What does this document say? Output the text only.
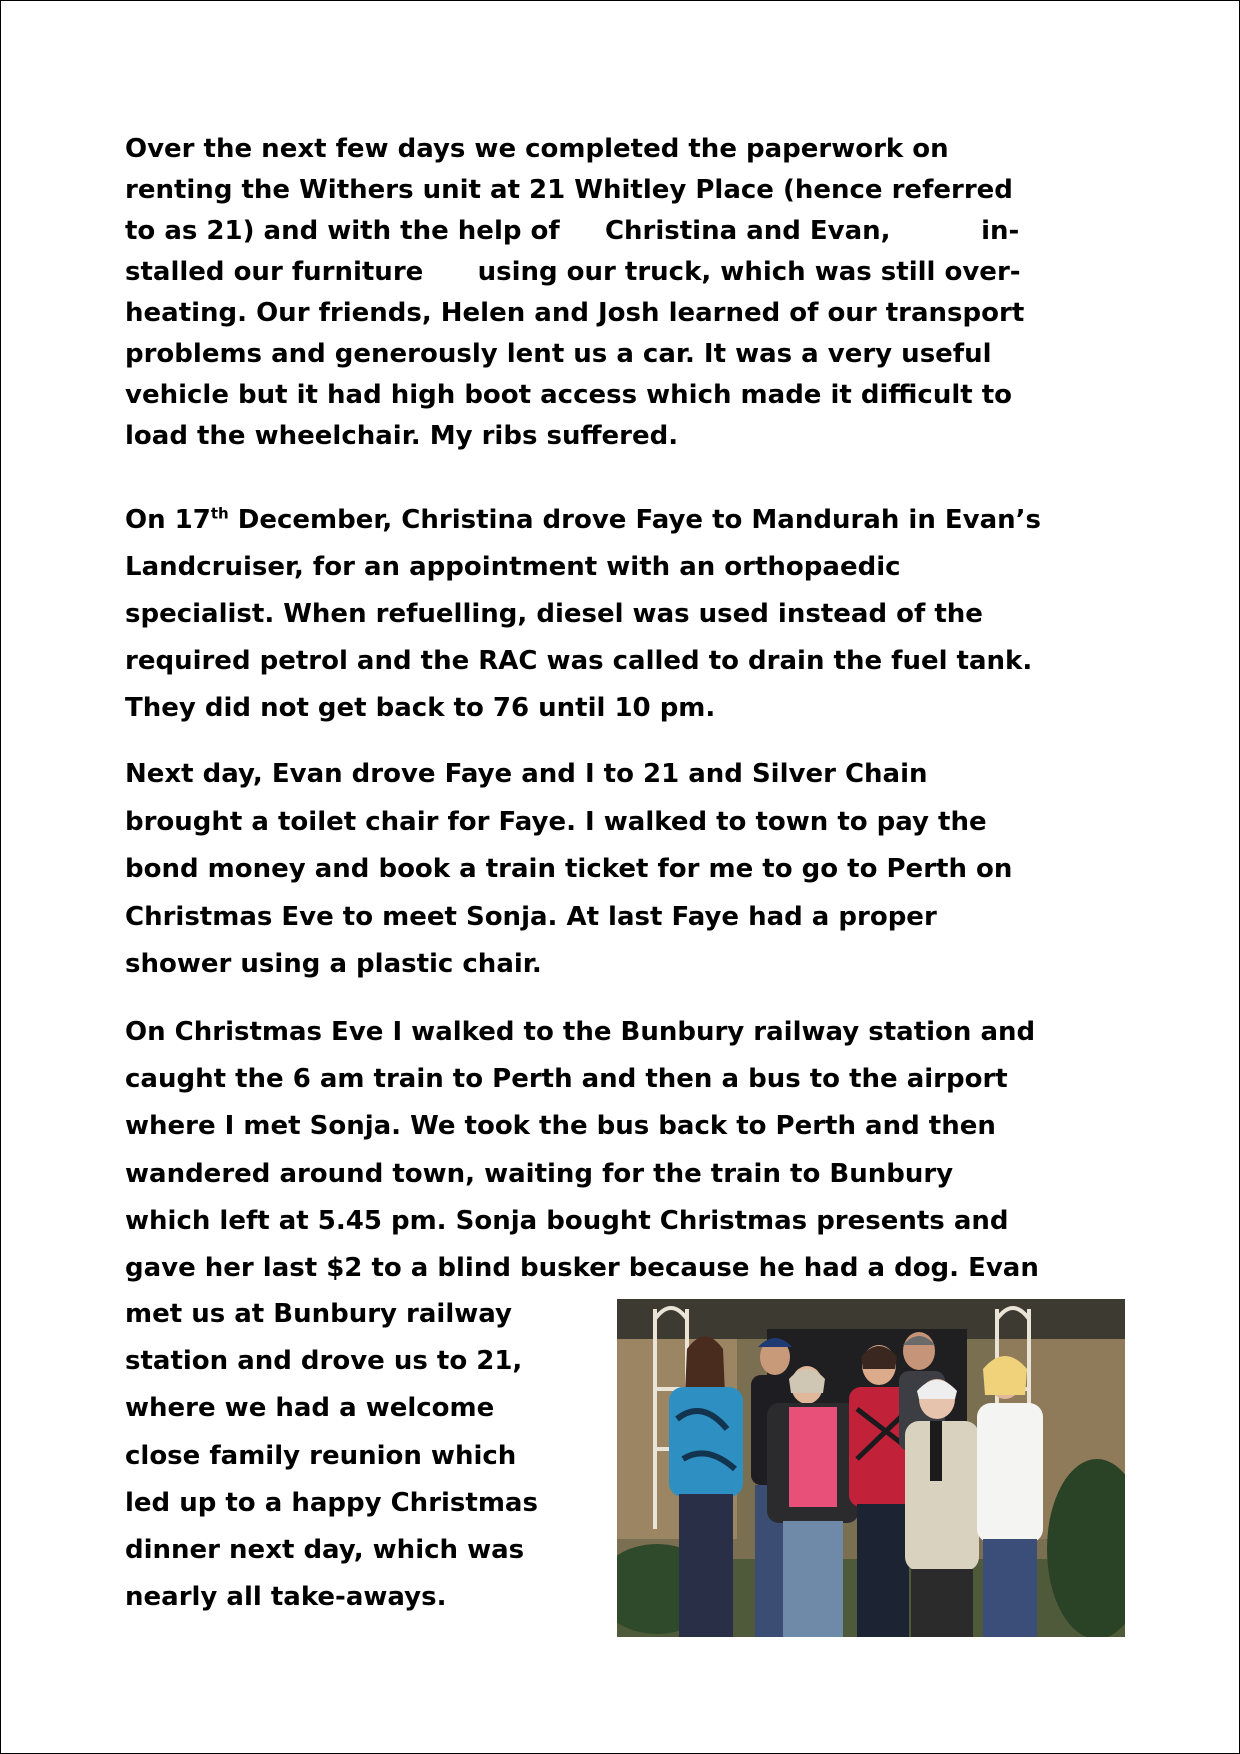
Over the next few days we completed the paperwork on
renting the Withers unit at 21 Whitley Place (hence referred
to as 21) and with the help of     Christina and Evan,          in-
stalled our furniture      using our truck, which was still over-
heating. Our friends, Helen and Josh learned of our transport
problems and generously lent us a car. It was a very useful
vehicle but it had high boot access which made it difficult to
load the wheelchair. My ribs suffered.

On 17th December, Christina drove Faye to Mandurah in Evan’s
Landcruiser, for an appointment with an orthopaedic
specialist. When refuelling, diesel was used instead of the
required petrol and the RAC was called to drain the fuel tank.
They did not get back to 76 until 10 pm.

Next day, Evan drove Faye and I to 21 and Silver Chain
brought a toilet chair for Faye. I walked to town to pay the
bond money and book a train ticket for me to go to Perth on
Christmas Eve to meet Sonja. At last Faye had a proper
shower using a plastic chair.

On Christmas Eve I walked to the Bunbury railway station and
caught the 6 am train to Perth and then a bus to the airport
where I met Sonja. We took the bus back to Perth and then
wandered around town, waiting for the train to Bunbury
which left at 5.45 pm. Sonja bought Christmas presents and
gave her last $2 to a blind busker because he had a dog. Evan

met us at Bunbury railway
station and drove us to 21,
where we had a welcome
close family reunion which
led up to a happy Christmas
dinner next day, which was
nearly all take-aways.
